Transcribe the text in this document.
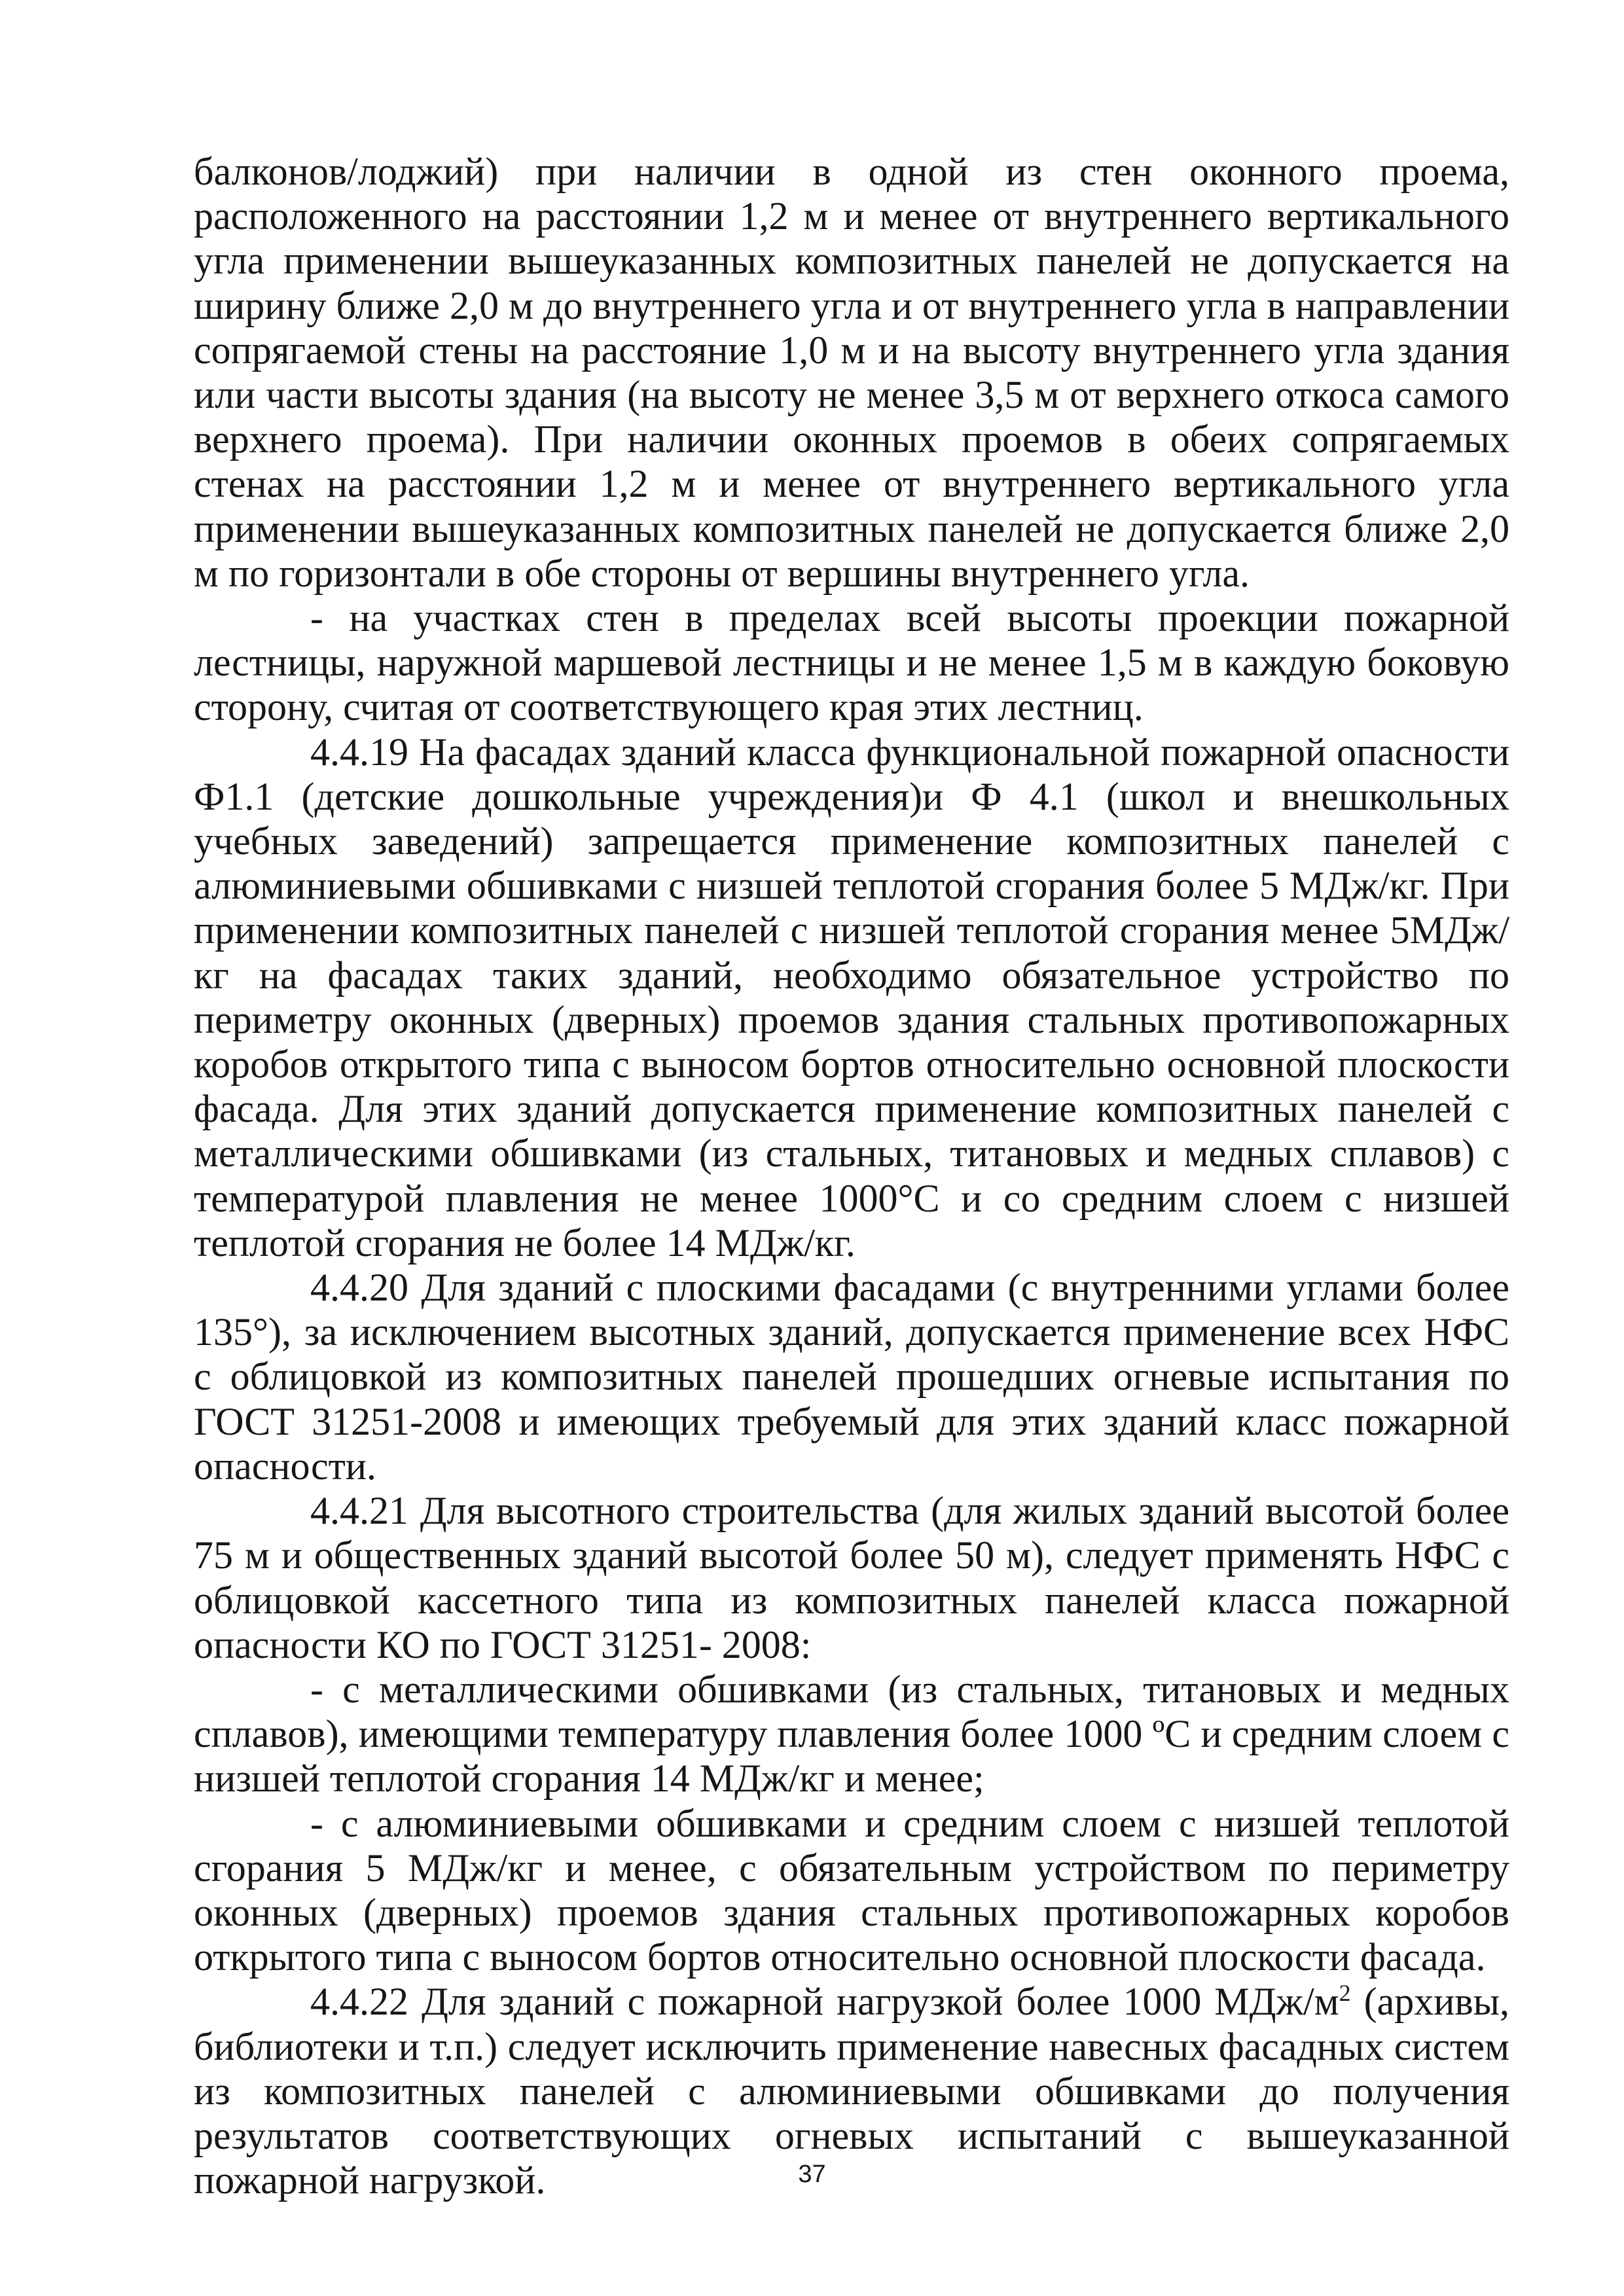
балконов/лоджий) при наличии в одной из стен оконного проема, расположенного на расстоянии 1,2 м и менее от внутреннего вертикального угла применении вышеуказанных композитных панелей не допускается на ширину ближе 2,0 м до внутреннего угла и от внутреннего угла в направлении сопрягаемой стены на расстояние 1,0 м и на высоту внутреннего угла здания или части высоты здания (на высоту не менее 3,5 м от верхнего откоса самого верхнего проема). При наличии оконных проемов в обеих сопрягаемых стенах на расстоянии 1,2 м и менее от внутреннего вертикального угла применении вышеуказанных композитных панелей не допускается ближе 2,0 м по горизонтали в обе стороны от вершины внутреннего угла.

- на участках стен в пределах всей высоты проекции пожарной лестницы, наружной маршевой лестницы и не менее 1,5 м в каждую боковую сторону, считая от соответствующего края этих лестниц.

4.4.19 На фасадах зданий класса функциональной пожарной опасности Ф1.1 (детские дошкольные учреждения)и Ф 4.1 (школ и внешкольных учебных заведений) запрещается применение композитных панелей с алюминиевыми обшивками с низшей теплотой сгорания более 5 МДж/кг. При применении композитных панелей с низшей теплотой сгорания менее 5МДж/кг на фасадах таких зданий, необходимо обязательное устройство по периметру оконных (дверных) проемов здания стальных противопожарных коробов открытого типа с выносом бортов относительно основной плоскости фасада. Для этих зданий допускается применение композитных панелей с металлическими обшивками (из стальных, титановых и медных сплавов) с температурой плавления не менее 1000°С и со средним слоем с низшей теплотой сгорания не более 14 МДж/кг.

4.4.20 Для зданий с плоскими фасадами (с внутренними углами более 135°), за исключением высотных зданий, допускается применение всех НФС с облицовкой из композитных панелей прошедших огневые испытания по ГОСТ 31251-2008 и имеющих требуемый для этих зданий класс пожарной опасности.

4.4.21 Для высотного строительства (для жилых зданий высотой более 75 м и общественных зданий высотой более 50 м), следует применять НФС с облицовкой кассетного типа из композитных панелей класса пожарной опасности КО по ГОСТ 31251- 2008:

- с металлическими обшивками (из стальных, титановых и медных сплавов), имеющими температуру плавления более 1000 ºС и средним слоем с низшей теплотой сгорания 14 МДж/кг и менее;

- с алюминиевыми обшивками и средним слоем с низшей теплотой сгорания 5 МДж/кг и менее, с обязательным устройством по периметру оконных (дверных) проемов здания стальных противопожарных коробов открытого типа с выносом бортов относительно основной плоскости фасада.

4.4.22 Для зданий с пожарной нагрузкой более 1000 МДж/$м^2$ (архивы, библиотеки и т.п.) следует исключить применение навесных фасадных систем из композитных панелей с алюминиевыми обшивками до получения результатов соответствующих огневых испытаний с вышеуказанной пожарной нагрузкой.	37
